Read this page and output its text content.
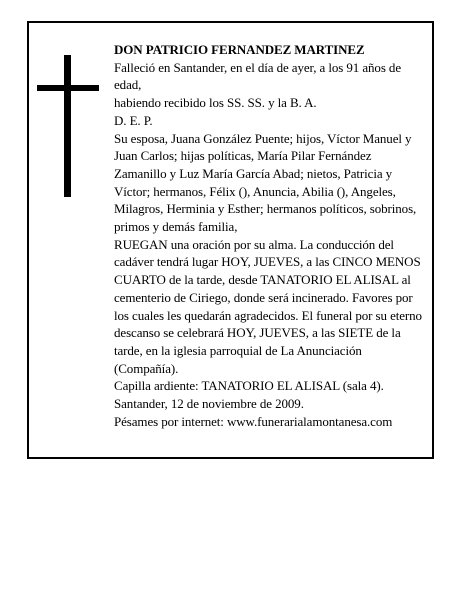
DON PATRICIO FERNANDEZ MARTINEZ

Falleció en Santander, en el día de ayer, a los 91 años de edad,

habiendo recibido los SS. SS. y la B. A.

D. E. P.

Su esposa, Juana González Puente; hijos, Víctor Manuel y Juan Carlos; hijas políticas, María Pilar Fernández Zamanillo y Luz María García Abad; nietos, Patricia y Víctor; hermanos, Félix (), Anuncia, Abilia (), Angeles, Milagros, Herminia y Esther; hermanos políticos, sobrinos, primos y demás familia,

RUEGAN una oración por su alma. La conducción del cadáver tendrá lugar HOY, JUEVES, a las CINCO MENOS CUARTO de la tarde, desde TANATORIO EL ALISAL al cementerio de Ciriego, donde será incinerado. Favores por los cuales les quedarán agradecidos. El funeral por su eterno descanso se celebrará HOY, JUEVES, a las SIETE de la tarde, en la iglesia parroquial de La Anunciación (Compañía).

Capilla ardiente: TANATORIO EL ALISAL (sala 4).

Santander, 12 de noviembre de 2009.

Pésames por internet: www.funerarialamontanesa.com
